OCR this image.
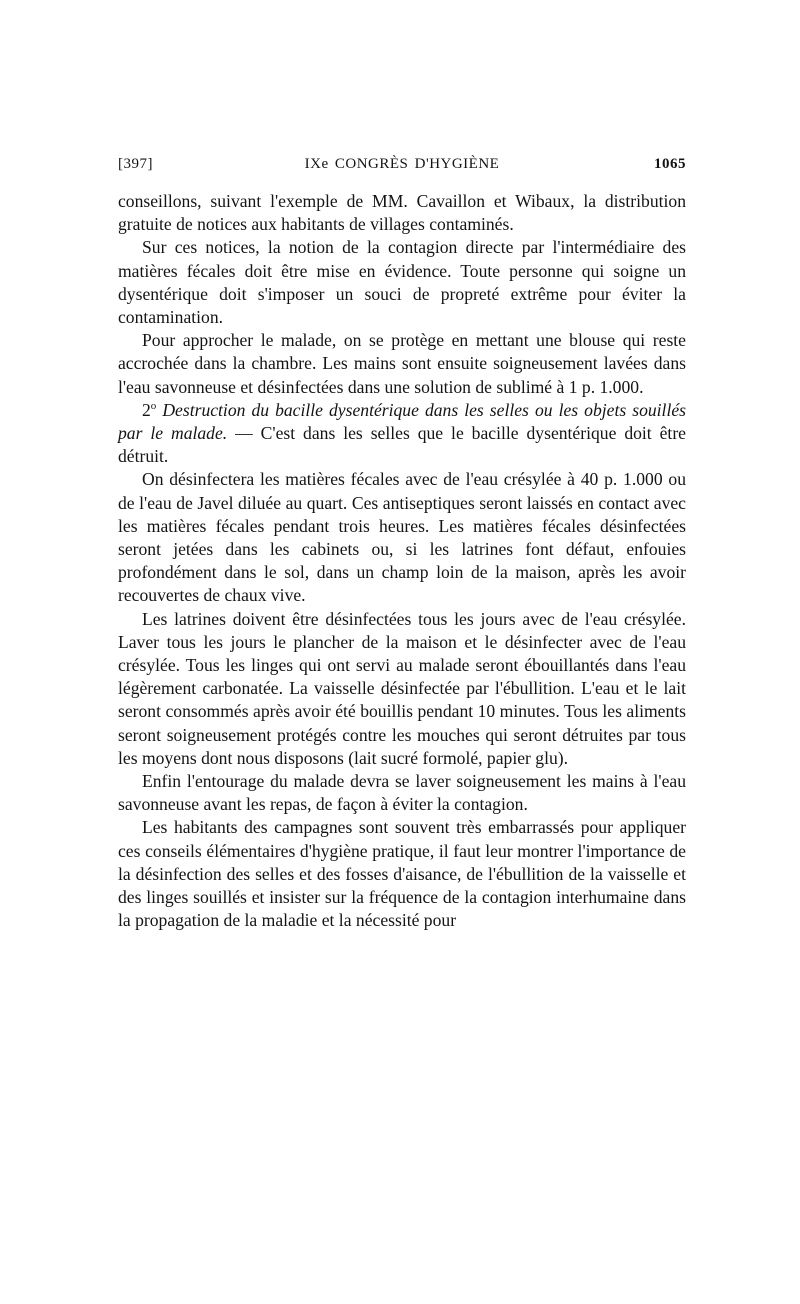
[397]	IXe CONGRÈS D'HYGIÈNE	1065

conseillons, suivant l'exemple de MM. Cavaillon et Wibaux, la distribution gratuite de notices aux habitants de villages contaminés.

Sur ces notices, la notion de la contagion directe par l'intermédiaire des matières fécales doit être mise en évidence. Toute personne qui soigne un dysentérique doit s'imposer un souci de propreté extrême pour éviter la contamination.

Pour approcher le malade, on se protège en mettant une blouse qui reste accrochée dans la chambre. Les mains sont ensuite soigneusement lavées dans l'eau savonneuse et désinfectées dans une solution de sublimé à 1 p. 1.000.

2$^o$ Destruction du bacille dysentérique dans les selles ou les objets souillés par le malade. — C'est dans les selles que le bacille dysentérique doit être détruit.

On désinfectera les matières fécales avec de l'eau crésylée à 40 p. 1.000 ou de l'eau de Javel diluée au quart. Ces antiseptiques seront laissés en contact avec les matières fécales pendant trois heures. Les matières fécales désinfectées seront jetées dans les cabinets ou, si les latrines font défaut, enfouies profondément dans le sol, dans un champ loin de la maison, après les avoir recouvertes de chaux vive.

Les latrines doivent être désinfectées tous les jours avec de l'eau crésylée. Laver tous les jours le plancher de la maison et le désinfecter avec de l'eau crésylée. Tous les linges qui ont servi au malade seront ébouillantés dans l'eau légèrement carbonatée. La vaisselle désinfectée par l'ébullition. L'eau et le lait seront consommés après avoir été bouillis pendant 10 minutes. Tous les aliments seront soigneusement protégés contre les mouches qui seront détruites par tous les moyens dont nous disposons (lait sucré formolé, papier glu).

Enfin l'entourage du malade devra se laver soigneusement les mains à l'eau savonneuse avant les repas, de façon à éviter la contagion.

Les habitants des campagnes sont souvent très embarrassés pour appliquer ces conseils élémentaires d'hygiène pratique, il faut leur montrer l'importance de la désinfection des selles et des fosses d'aisance, de l'ébullition de la vaisselle et des linges souillés et insister sur la fréquence de la contagion interhumaine dans la propagation de la maladie et la nécessité pour
